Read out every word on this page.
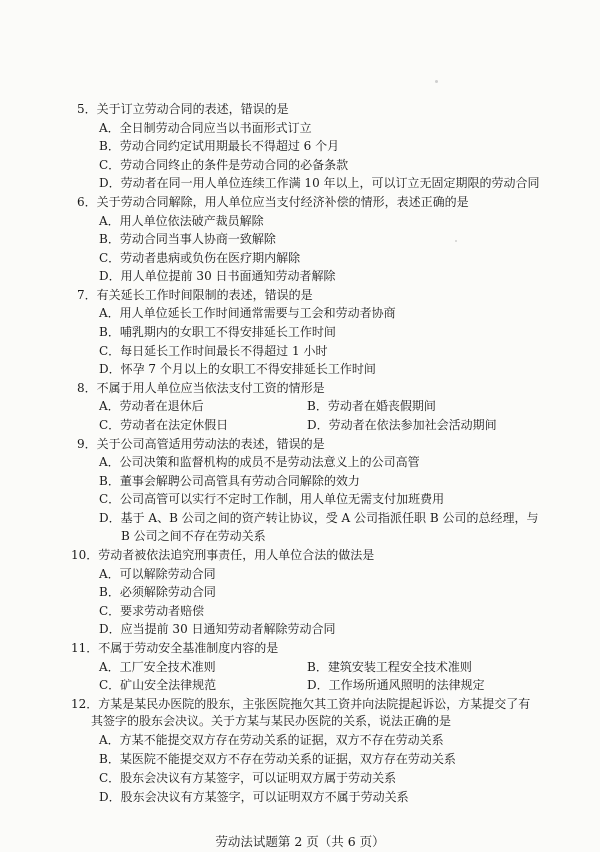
5．关于订立劳动合同的表述，错误的是
A．全日制劳动合同应当以书面形式订立
B．劳动合同约定试用期最长不得超过 6 个月
C．劳动合同终止的条件是劳动合同的必备条款
D．劳动者在同一用人单位连续工作满 10 年以上，可以订立无固定期限的劳动合同
6．关于劳动合同解除，用人单位应当支付经济补偿的情形，表述正确的是
A．用人单位依法破产裁员解除
B．劳动合同当事人协商一致解除
C．劳动者患病或负伤在医疗期内解除
D．用人单位提前 30 日书面通知劳动者解除
7．有关延长工作时间限制的表述，错误的是
A．用人单位延长工作时间通常需要与工会和劳动者协商
B．哺乳期内的女职工不得安排延长工作时间
C．每日延长工作时间最长不得超过 1 小时
D．怀孕 7 个月以上的女职工不得安排延长工作时间
8．不属于用人单位应当依法支付工资的情形是
A．劳动者在退休后	B．劳动者在婚丧假期间
C．劳动者在法定休假日	D．劳动者在依法参加社会活动期间
9．关于公司高管适用劳动法的表述，错误的是
A．公司决策和监督机构的成员不是劳动法意义上的公司高管
B．董事会解聘公司高管具有劳动合同解除的效力
C．公司高管可以实行不定时工作制，用人单位无需支付加班费用
D．基于 A、B 公司之间的资产转让协议，受 A 公司指派任职 B 公司的总经理，与
B 公司之间不存在劳动关系
10．劳动者被依法追究刑事责任，用人单位合法的做法是
A．可以解除劳动合同
B．必须解除劳动合同
C．要求劳动者赔偿
D．应当提前 30 日通知劳动者解除劳动合同
11．不属于劳动安全基准制度内容的是
A．工厂安全技术准则	B．建筑安装工程安全技术准则
C．矿山安全法律规范	D．工作场所通风照明的法律规定
12．方某是某民办医院的股东，主张医院拖欠其工资并向法院提起诉讼，方某提交了有
其签字的股东会决议。关于方某与某民办医院的关系，说法正确的是
A．方某不能提交双方存在劳动关系的证据，双方不存在劳动关系
B．某医院不能提交双方不存在劳动关系的证据，双方存在劳动关系
C．股东会决议有方某签字，可以证明双方属于劳动关系
D．股东会决议有方某签字，可以证明双方不属于劳动关系
劳动法试题第 2 页（共 6 页）
